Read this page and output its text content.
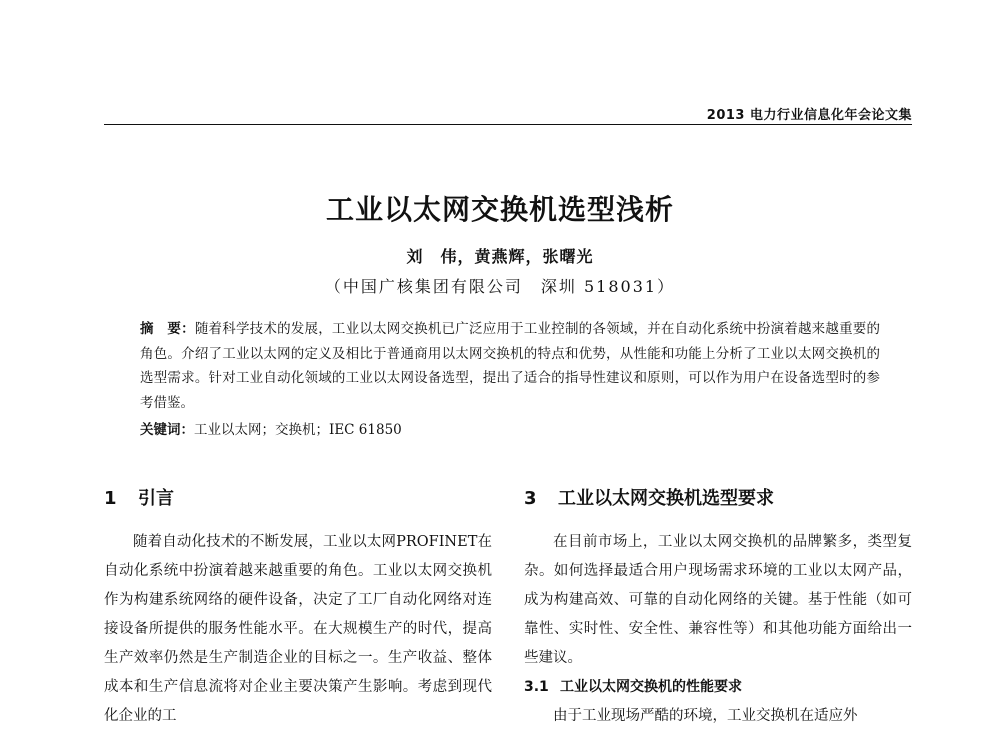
2013 电力行业信息化年会论文集
工业以太网交换机选型浅析
刘　伟，黄燕辉，张曙光
（中国广核集团有限公司　深圳 518031）
摘　要：随着科学技术的发展，工业以太网交换机已广泛应用于工业控制的各领域，并在自动化系统中扮演着越来越重要的角色。介绍了工业以太网的定义及相比于普通商用以太网交换机的特点和优势，从性能和功能上分析了工业以太网交换机的选型需求。针对工业自动化领域的工业以太网设备选型，提出了适合的指导性建议和原则，可以作为用户在设备选型时的参考借鉴。
关键词：工业以太网；交换机；IEC 61850
1 引言

随着自动化技术的不断发展，工业以太网PROFINET在自动化系统中扮演着越来越重要的角色。工业以太网交换机作为构建系统网络的硬件设备，决定了工厂自动化网络对连接设备所提供的服务性能水平。在大规模生产的时代，提高生产效率仍然是生产制造企业的目标之一。生产收益、整体成本和生产信息流将对企业主要决策产生影响。考虑到现代化企业的工

3 工业以太网交换机选型要求

在目前市场上，工业以太网交换机的品牌繁多，类型复杂。如何选择最适合用户现场需求环境的工业以太网产品，成为构建高效、可靠的自动化网络的关键。基于性能（如可靠性、实时性、安全性、兼容性等）和其他功能方面给出一些建议。

3.1 工业以太网交换机的性能要求

由于工业现场严酷的环境，工业交换机在适应外
